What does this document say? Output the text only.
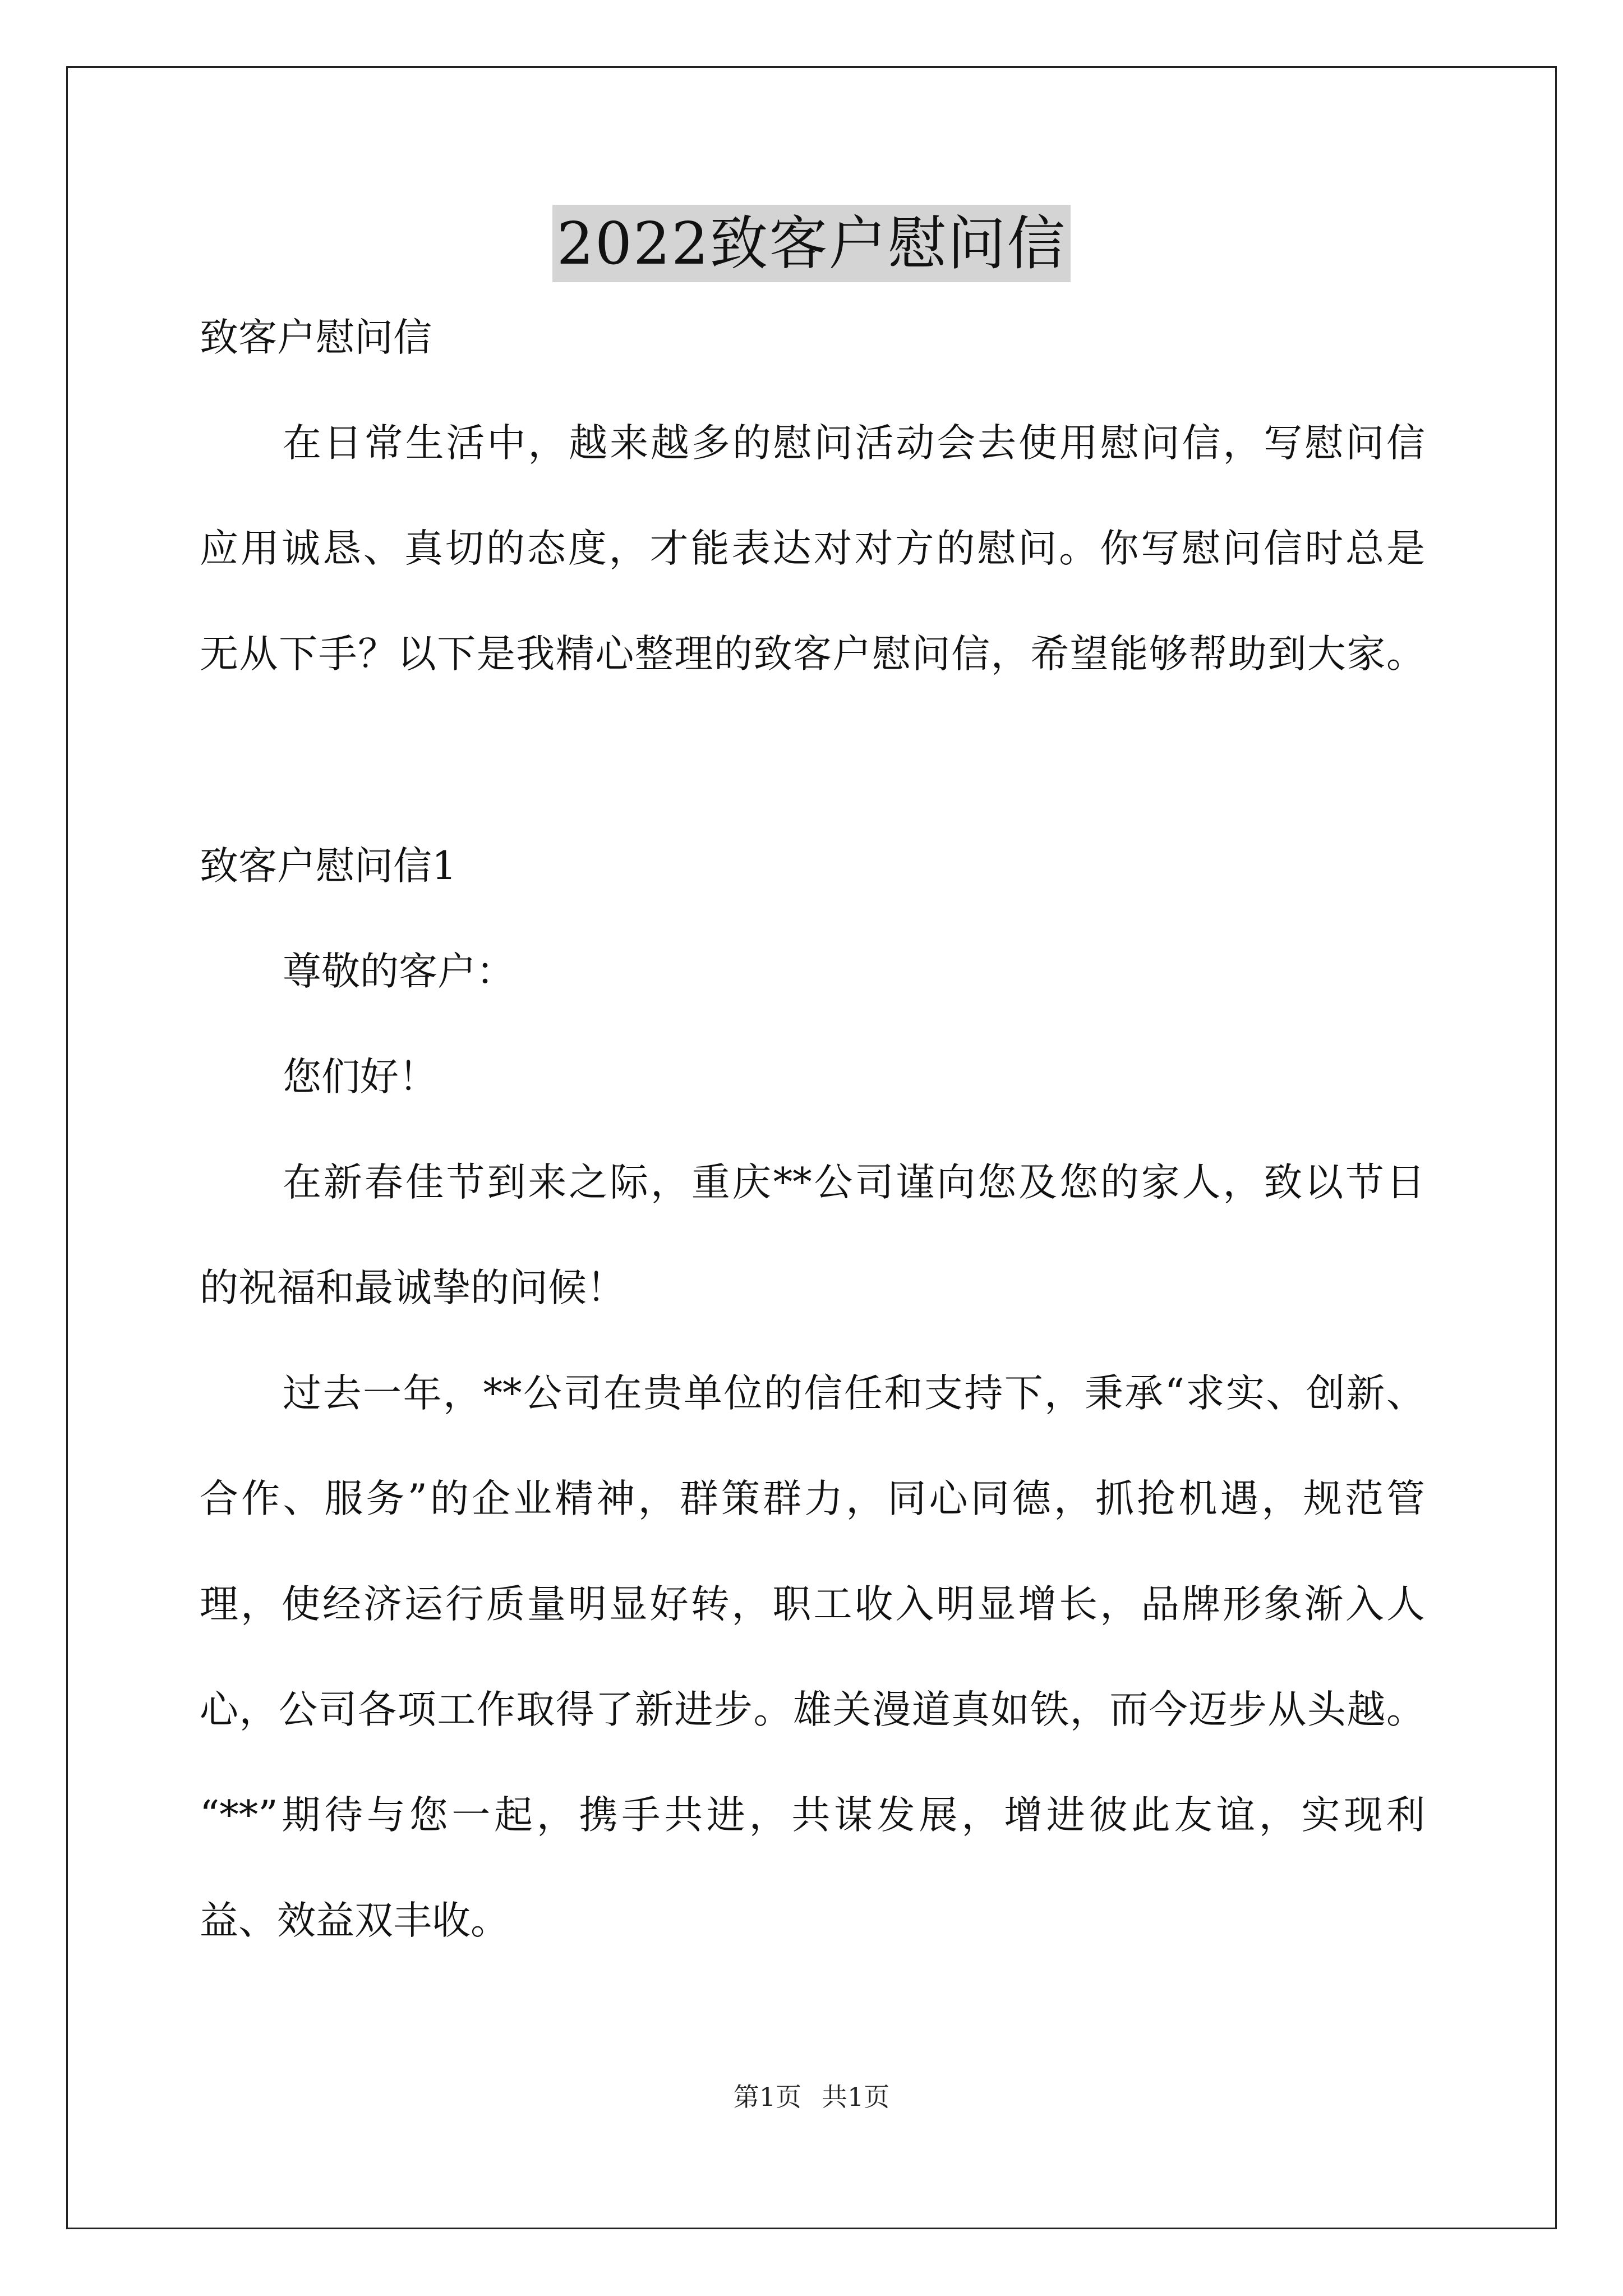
2022致客户慰问信
致客户慰问信
在日常生活中，越来越多的慰问活动会去使用慰问信，写慰问信
应用诚恳、真切的态度，才能表达对对方的慰问。你写慰问信时总是
无从下手？以下是我精心整理的致客户慰问信，希望能够帮助到大家。
致客户慰问信1
尊敬的客户：
您们好！
在新春佳节到来之际，重庆**公司谨向您及您的家人，致以节日
的祝福和最诚挚的问候！
过去一年，**公司在贵单位的信任和支持下，秉承“求实、创新、
合作、服务”的企业精神，群策群力，同心同德，抓抢机遇，规范管
理，使经济运行质量明显好转，职工收入明显增长，品牌形象渐入人
心，公司各项工作取得了新进步。雄关漫道真如铁，而今迈步从头越。
“**”期待与您一起，携手共进，共谋发展，增进彼此友谊，实现利
益、效益双丰收。
第1页 共1页
